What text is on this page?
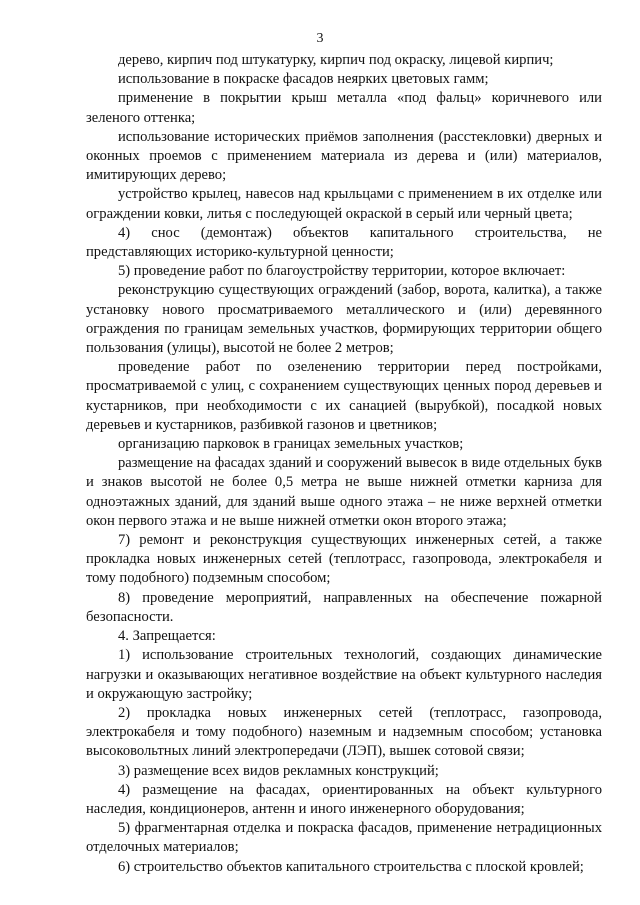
3

дерево, кирпич под штукатурку, кирпич под окраску, лицевой кирпич;

использование в покраске фасадов неярких цветовых гамм;

применение в покрытии крыш металла «под фальц» коричневого или зеленого оттенка;

использование исторических приёмов заполнения (расстекловки) дверных и оконных проемов с применением материала из дерева и (или) материалов, имитирующих дерево;

устройство крылец, навесов над крыльцами с применением в их отделке или ограждении ковки, литья с последующей окраской в серый или черный цвета;

4) снос (демонтаж) объектов капитального строительства, не представляющих историко-культурной ценности;

5) проведение работ по благоустройству территории, которое включает:

реконструкцию существующих ограждений (забор, ворота, калитка), а также установку нового просматриваемого металлического и (или) деревянного ограждения по границам земельных участков, формирующих территории общего пользования (улицы), высотой не более 2 метров;

проведение работ по озеленению территории перед постройками, просматриваемой с улиц, с сохранением существующих ценных пород деревьев и кустарников, при необходимости с их санацией (вырубкой), посадкой новых деревьев и кустарников, разбивкой газонов и цветников;

организацию парковок в границах земельных участков;

размещение на фасадах зданий и сооружений вывесок в виде отдельных букв и знаков высотой не более 0,5 метра не выше нижней отметки карниза для одноэтажных зданий, для зданий выше одного этажа – не ниже верхней отметки окон первого этажа и не выше нижней отметки окон второго этажа;

7) ремонт и реконструкция существующих инженерных сетей, а также прокладка новых инженерных сетей (теплотрасс, газопровода, электрокабеля и тому подобного) подземным способом;

8) проведение мероприятий, направленных на обеспечение пожарной безопасности.

4. Запрещается:

1) использование строительных технологий, создающих динамические нагрузки и оказывающих негативное воздействие на объект культурного наследия и окружающую застройку;

2) прокладка новых инженерных сетей (теплотрасс, газопровода, электрокабеля и тому подобного) наземным и надземным способом; установка высоковольтных линий электропередачи (ЛЭП), вышек сотовой связи;

3) размещение всех видов рекламных конструкций;

4) размещение на фасадах, ориентированных на объект культурного наследия, кондиционеров, антенн и иного инженерного оборудования;

5) фрагментарная отделка и покраска фасадов, применение нетрадиционных отделочных материалов;

6) строительство объектов капитального строительства с плоской кровлей;
